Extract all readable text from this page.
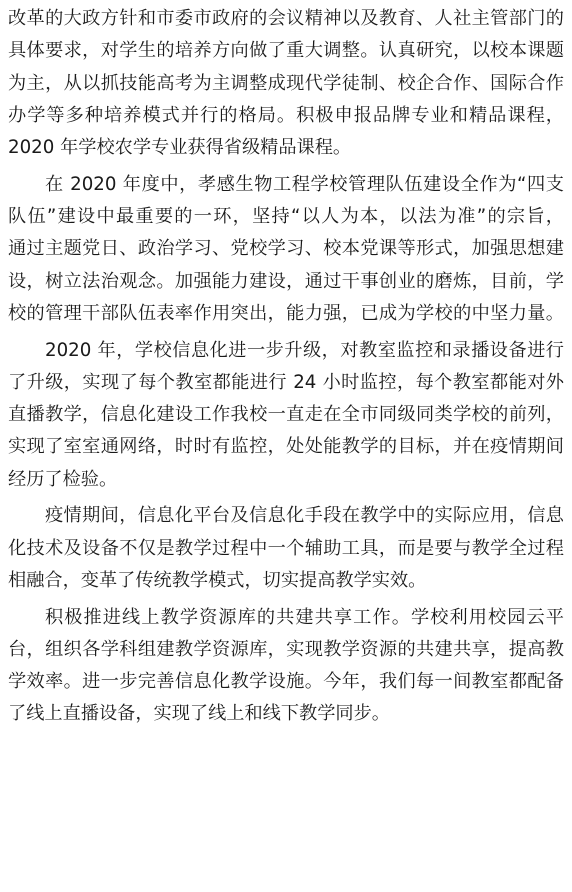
改革的大政方针和市委市政府的会议精神以及教育、人社主管部门的
具体要求，对学生的培养方向做了重大调整。认真研究，以校本课题
为主，从以抓技能高考为主调整成现代学徒制、校企合作、国际合作
办学等多种培养模式并行的格局。积极申报品牌专业和精品课程，
2020 年学校农学专业获得省级精品课程。
在 2020 年度中，孝感生物工程学校管理队伍建设全作为“四支
队伍”建设中最重要的一环，坚持“以人为本，以法为准”的宗旨，
通过主题党日、政治学习、党校学习、校本党课等形式，加强思想建
设，树立法治观念。加强能力建设，通过干事创业的磨炼，目前，学
校的管理干部队伍表率作用突出，能力强，已成为学校的中坚力量。
2020 年，学校信息化进一步升级，对教室监控和录播设备进行
了升级，实现了每个教室都能进行 24 小时监控，每个教室都能对外
直播教学，信息化建设工作我校一直走在全市同级同类学校的前列，
实现了室室通网络，时时有监控，处处能教学的目标，并在疫情期间
经历了检验。
疫情期间，信息化平台及信息化手段在教学中的实际应用，信息
化技术及设备不仅是教学过程中一个辅助工具，而是要与教学全过程
相融合，变革了传统教学模式，切实提高教学实效。
积极推进线上教学资源库的共建共享工作。学校利用校园云平
台，组织各学科组建教学资源库，实现教学资源的共建共享，提高教
学效率。进一步完善信息化教学设施。今年，我们每一间教室都配备
了线上直播设备，实现了线上和线下教学同步。
